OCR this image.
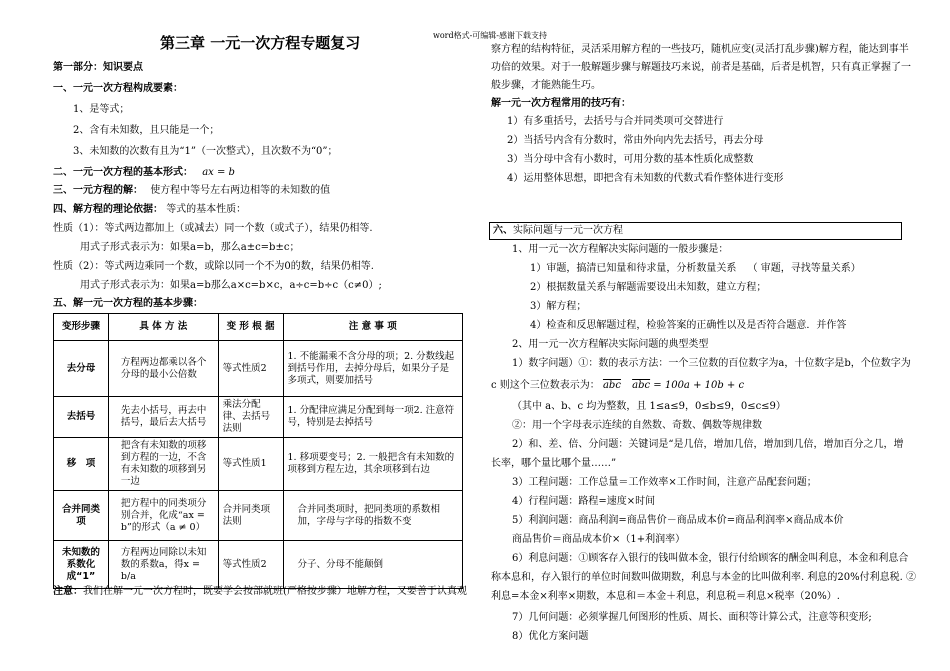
word格式-可编辑-感谢下载支持
第三章 一元一次方程专题复习
第一部分：知识要点
一、一元一次方程构成要素：
1、是等式；
2、含有未知数，且只能是一个；
3、未知数的次数有且为“1”（一次整式），且次数不为“0”；
二、一元一次方程的基本形式： ax = b
三、一元方程的解： 使方程中等号左右两边相等的未知数的值
四、解方程的理论依据： 等式的基本性质：
性质（1）：等式两边都加上（或减去）同一个数（或式子），结果仍相等.
用式子形式表示为：如果a=b，那么a±c=b±c；
性质（2）：等式两边乘同一个数，或除以同一个不为0的数，结果仍相等.
用式子形式表示为：如果a=b那么a×c=b×c，a÷c=b÷c（c≠0）;
五、解一元一次方程的基本步骤：
变形步骤	具 体 方 法	变 形 根 据	注 意 事 项
去分母	方程两边都乘以各个分母的最小公倍数	等式性质2	1. 不能漏乘不含分母的项；2. 分数线起到括号作用，去掉分母后，如果分子是多项式，则要加括号
去括号	先去小括号，再去中括号，最后去大括号	乘法分配律、去括号法则	1. 分配律应满足分配到每一项2. 注意符号，特别是去掉括号
移　项	把含有未知数的项移到方程的一边，不含有未知数的项移到另一边	等式性质1	1. 移项要变号；2. 一般把含有未知数的项移到方程左边，其余项移到右边
合并同类　项	把方程中的同类项分别合并，化成“ax = b”的形式（a ≠ 0）	合并同类项法则	合并同类项时，把同类项的系数相加，字母与字母的指数不变
未知数的系数化成“1”	方程两边同除以未知数的系数a，得x = b/a	等式性质2	分子、分母不能颠倒
注意：我们在解一元一次方程时，既要学会按部就班(严格按步骤）地解方程，又要善于认真观
察方程的结构特征，灵活采用解方程的一些技巧，随机应变(灵活打乱步骤)解方程，能达到事半
功倍的效果。对于一般解题步骤与解题技巧来说，前者是基础，后者是机智，只有真正掌握了一
般步骤，才能熟能生巧。
解一元一次方程常用的技巧有：
1）有多重括号，去括号与合并同类项可交替进行
2）当括号内含有分数时，常由外向内先去括号，再去分母
3）当分母中含有小数时，可用分数的基本性质化成整数
4）运用整体思想，即把含有未知数的代数式看作整体进行变形
六、实际问题与一元一次方程
1、用一元一次方程解决实际问题的一般步骤是：
1）审题，搞清已知量和待求量，分析数量关系 （ 审题，寻找等量关系）
2）根据数量关系与解题需要设出未知数，建立方程；
3）解方程；
4）检查和反思解题过程，检验答案的正确性以及是否符合题意．并作答
2、用一元一次方程解决实际问题的典型类型
1）数字问题）①：数的表示方法：一个三位数的百位数字为a，十位数字是b，个位数字为
c 则这个三位数表示为： $\overline{abc}$ $\overline{abc} = 100a + 10b + c$
（其中 a、b、c 均为整数，且 1≤a≤9，0≤b≤9，0≤c≤9）
②：用一个字母表示连续的自然数、奇数、偶数等规律数
2）和、差、倍、分问题：关键词是“是几倍，增加几倍，增加到几倍，增加百分之几，增
长率，哪个量比哪个量……”
3）工程问题：工作总量＝工作效率×工作时间，注意产品配套问题；
4）行程问题：路程=速度×时间
5）利润问题：商品利润=商品售价－商品成本价=商品利润率×商品成本价
商品售价＝商品成本价×（1+利润率）
6）利息问题：①顾客存入银行的钱叫做本金，银行付给顾客的酬金叫利息，本金和利息合
称本息和，存入银行的单位时间数叫做期数，利息与本金的比叫做利率. 利息的20%付利息税. ②
利息=本金×利率×期数，本息和＝本金＋利息，利息税＝利息×税率（20%）.
7）几何问题：必须掌握几何图形的性质、周长、面积等计算公式，注意等积变形;
8）优化方案问题
